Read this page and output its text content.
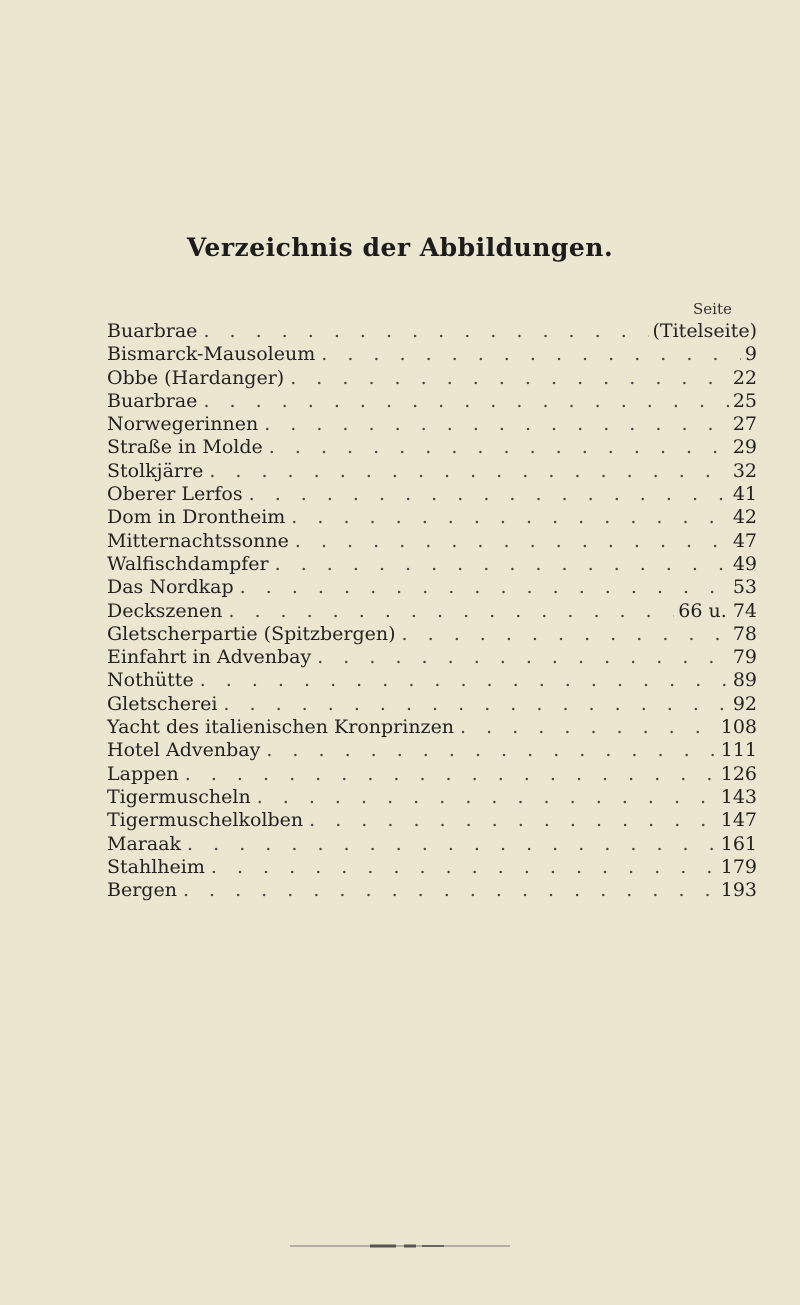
Verzeichnis der Abbildungen.
Seite
Buarbrae . . .	(Titelseite)
Bismarck-Mausoleum . . .	9
Obbe (Hardanger) . . .	22
Buarbrae . . .	25
Norwegerinnen . . .	27
Straße in Molde . . .	29
Stolkjärre . . .	32
Oberer Lerfos . . .	41
Dom in Drontheim . . .	42
Mitternachtssonne . . .	47
Walfischdampfer . . .	49
Das Nordkap . . .	53
Deckszenen . . .	66 u. 74
Gletscherpartie (Spitzbergen) . . .	78
Einfahrt in Advenbay . . .	79
Nothütte . . .	89
Gletscherei . . .	92
Yacht des italienischen Kronprinzen . . .	108
Hotel Advenbay . . .	111
Lappen . . .	126
Tigermuscheln . . .	143
Tigermuschelkolben . . .	147
Maraak . . .	161
Stahlheim . . .	179
Bergen . . .	193
